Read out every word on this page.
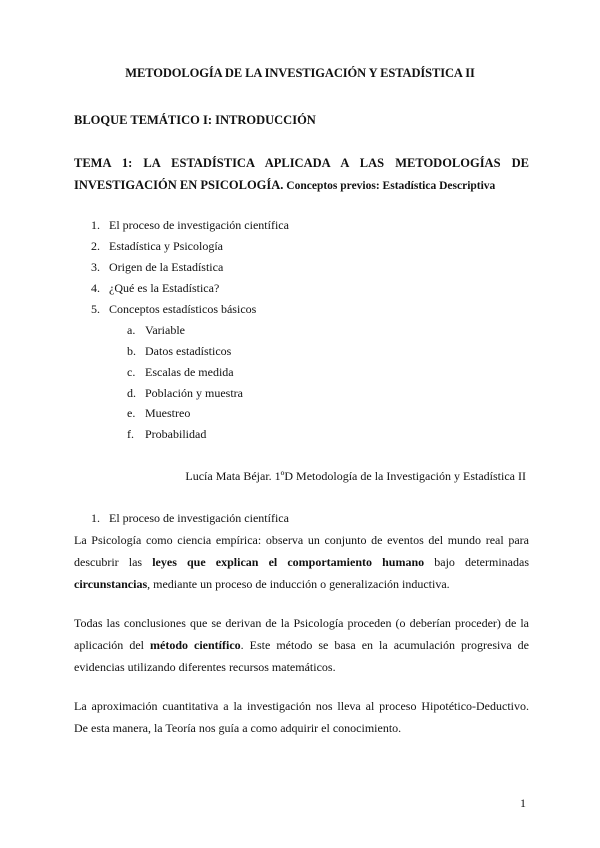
METODOLOGÍA DE LA INVESTIGACIÓN Y ESTADÍSTICA II
BLOQUE TEMÁTICO I: INTRODUCCIÓN
TEMA 1: LA ESTADÍSTICA APLICADA A LAS METODOLOGÍAS DE
INVESTIGACIÓN EN PSICOLOGÍA. Conceptos previos: Estadística Descriptiva
1. El proceso de investigación científica
2. Estadística y Psicología
3. Origen de la Estadística
4. ¿Qué es la Estadística?
5. Conceptos estadísticos básicos
a. Variable
b. Datos estadísticos
c. Escalas de medida
d. Población y muestra
e. Muestreo
f. Probabilidad
Lucía Mata Béjar. 1ºD Metodología de la Investigación y Estadística II
1. El proceso de investigación científica
La Psicología como ciencia empírica: observa un conjunto de eventos del mundo real para
descubrir las leyes que explican el comportamiento humano bajo determinadas
circunstancias, mediante un proceso de inducción o generalización inductiva.
Todas las conclusiones que se derivan de la Psicología proceden (o deberían proceder) de la
aplicación del método científico. Este método se basa en la acumulación progresiva de
evidencias utilizando diferentes recursos matemáticos.
La aproximación cuantitativa a la investigación nos lleva al proceso Hipotético-Deductivo.
De esta manera, la Teoría nos guía a como adquirir el conocimiento.
1
